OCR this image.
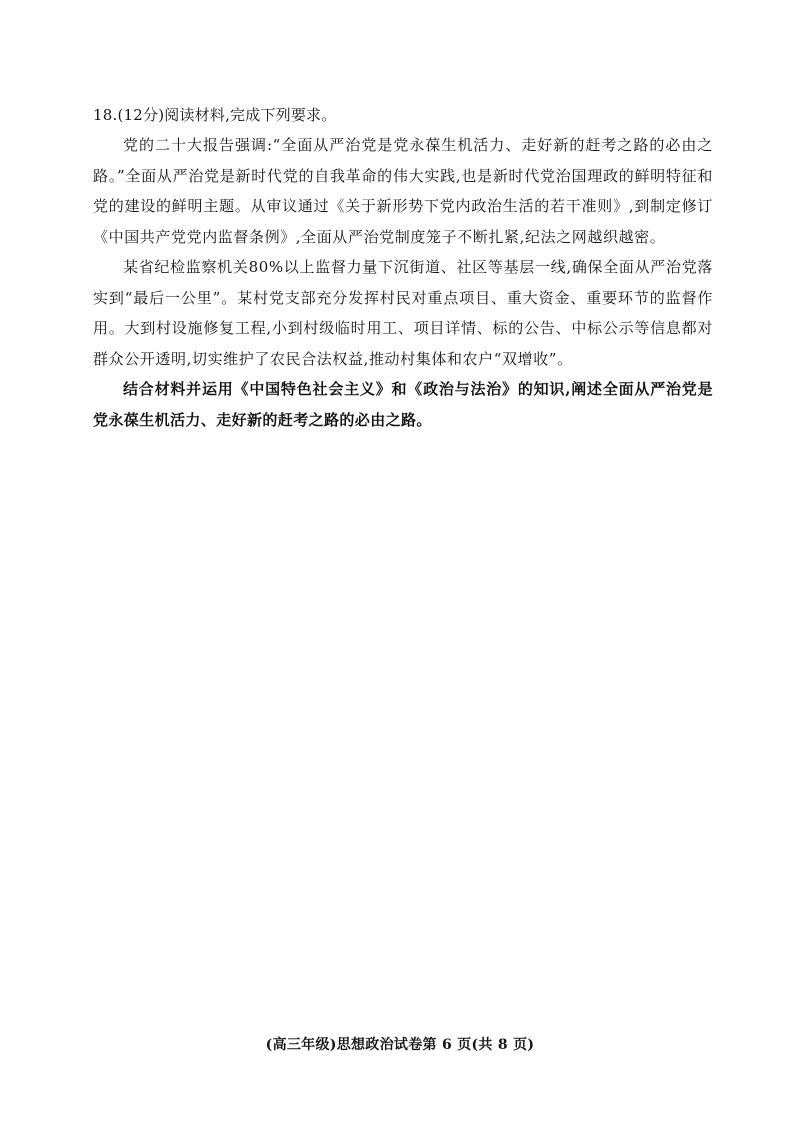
18.(12分)阅读材料,完成下列要求。

党的二十大报告强调:“全面从严治党是党永葆生机活力、走好新的赶考之路的必由之路。”全面从严治党是新时代党的自我革命的伟大实践,也是新时代党治国理政的鲜明特征和党的建设的鲜明主题。从审议通过《关于新形势下党内政治生活的若干准则》,到制定修订《中国共产党党内监督条例》,全面从严治党制度笼子不断扎紧,纪法之网越织越密。

某省纪检监察机关80%以上监督力量下沉街道、社区等基层一线,确保全面从严治党落实到“最后一公里”。某村党支部充分发挥村民对重点项目、重大资金、重要环节的监督作用。大到村设施修复工程,小到村级临时用工、项目详情、标的公告、中标公示等信息都对群众公开透明,切实维护了农民合法权益,推动村集体和农户“双增收”。

结合材料并运用《中国特色社会主义》和《政治与法治》的知识,阐述全面从严治党是党永葆生机活力、走好新的赶考之路的必由之路。

(高三年级)思想政治试卷第 6 页(共 8 页)
